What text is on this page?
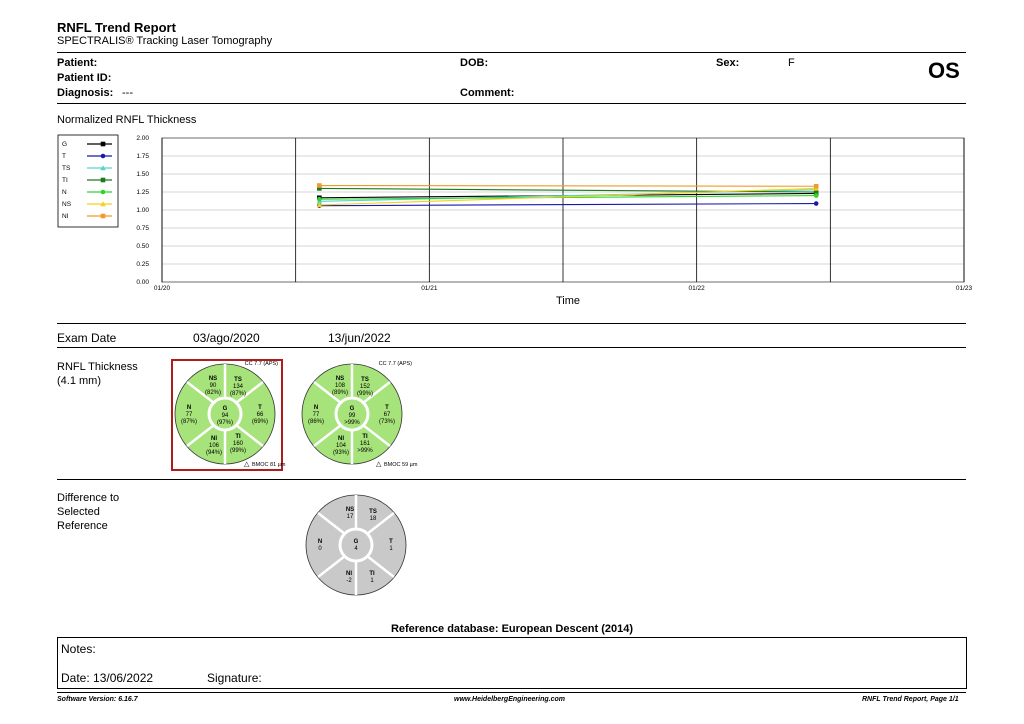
RNFL Trend Report
SPECTRALIS® Tracking Laser Tomography
Patient:
Patient ID:
Diagnosis: ---
DOB:
Comment:
Sex:	F	OS
Normalized RNFL Thickness
G
T
TS
TI
N
NS
NI
2.00
1.75
1.50
1.25
1.00
0.75
0.50
0.25
0.00
01/20	01/21	01/22	01/23
Time
Exam Date	03/ago/2020	13/jun/2022
RNFL Thickness
(4.1 mm)
CC 7.7 (APS)
NS
90
(82%)
TS
134
(87%)
N
77
(87%)
G
94
(97%)
T
66
(69%)
NI
106
(94%)
TI
160
(99%)
△ BMOC 81 µm
CC 7.7 (APS)
NS
108
(89%)
TS
152
(99%)
N
77
(86%)
G
99
>99%
T
67
(73%)
NI
104
(93%)
TI
161
>99%
△ BMOC 59 µm
Difference to
Selected
Reference
NS
17
TS
18
N
0
G
4
T
1
NI
-2
TI
1
Reference database: European Descent (2014)
Notes:
Date: 13/06/2022	Signature:
Software Version: 6.16.7	www.HeidelbergEngineering.com	RNFL Trend Report, Page 1/1
